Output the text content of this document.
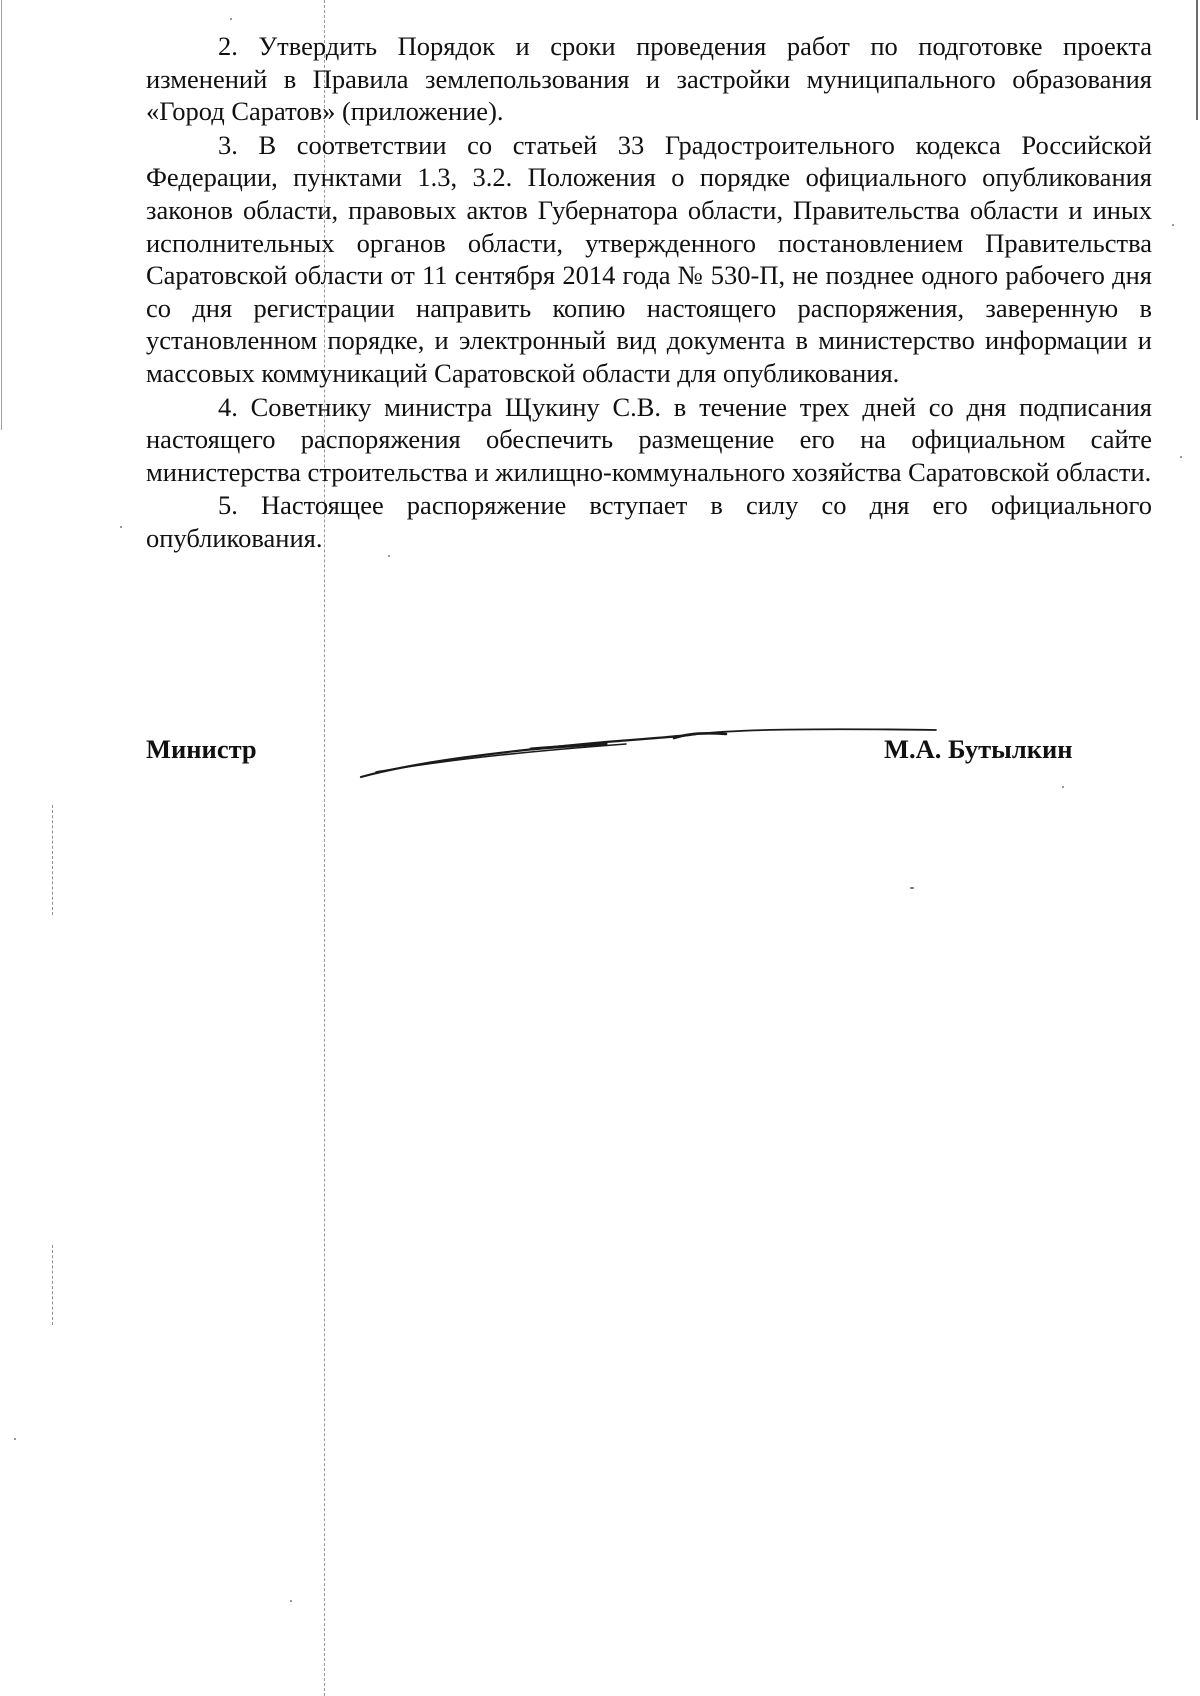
2. Утвердить Порядок и сроки проведения работ по подготовке проекта изменений в Правила землепользования и застройки муниципального образования «Город Саратов» (приложение).

3. В соответствии со статьей 33 Градостроительного кодекса Российской Федерации, пунктами 1.3, 3.2. Положения о порядке официального опубликования законов области, правовых актов Губернатора области, Правительства области и иных исполнительных органов области, утвержденного постановлением Правительства Саратовской области от 11 сентября 2014 года № 530-П, не позднее одного рабочего дня со дня регистрации направить копию настоящего распоряжения, заверенную в установленном порядке, и электронный вид документа в министерство информации и массовых коммуникаций Саратовской области для опубликования.

4. Советнику министра Щукину С.В. в течение трех дней со дня подписания настоящего распоряжения обеспечить размещение его на официальном сайте министерства строительства и жилищно-коммунального хозяйства Саратовской области.

5. Настоящее распоряжение вступает в силу со дня его официального опубликования.

Министр	М.А. Бутылкин
